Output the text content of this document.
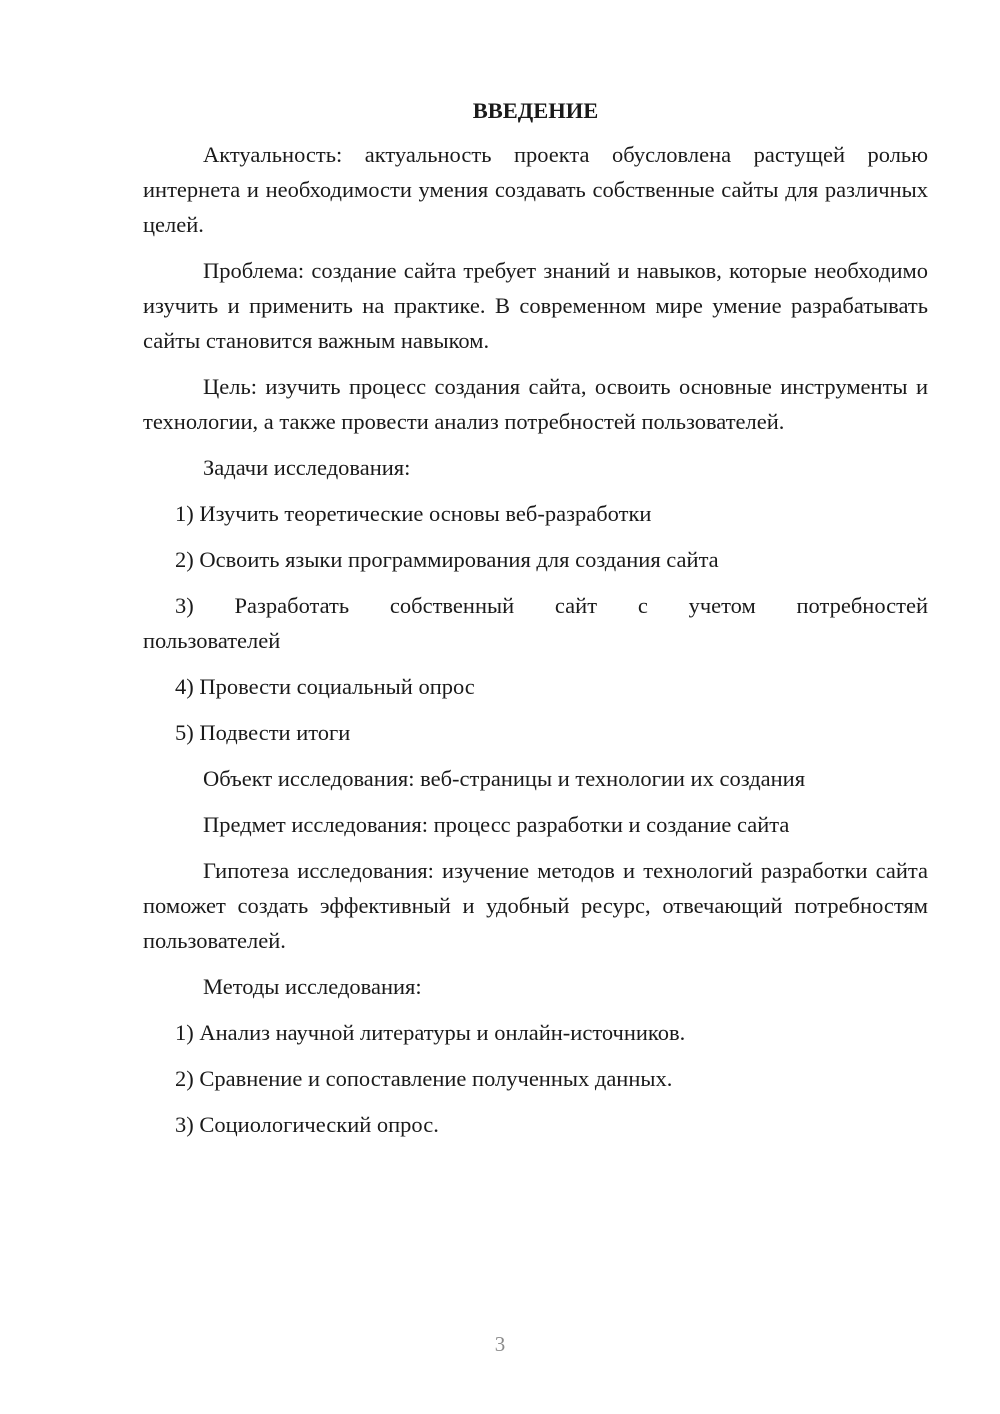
ВВЕДЕНИЕ

Актуальность: актуальность проекта обусловлена растущей ролью интернета и необходимости умения создавать собственные сайты для различных целей.

Проблема: создание сайта требует знаний и навыков, которые необходимо изучить и применить на практике. В современном мире умение разрабатывать сайты становится важным навыком.

Цель: изучить процесс создания сайта, освоить основные инструменты и технологии, а также провести анализ потребностей пользователей.

Задачи исследования:

1) Изучить теоретические основы веб-разработки

2) Освоить языки программирования для создания сайта

3) Разработать собственный сайт с учетом потребностей пользователей

4) Провести социальный опрос

5) Подвести итоги

Объект исследования: веб-страницы и технологии их создания

Предмет исследования: процесс разработки и создание сайта

Гипотеза исследования: изучение методов и технологий разработки сайта поможет создать эффективный и удобный ресурс, отвечающий потребностям пользователей.

Методы исследования:

1) Анализ научной литературы и онлайн-источников.

2) Сравнение и сопоставление полученных данных.

3) Социологический опрос.

3
